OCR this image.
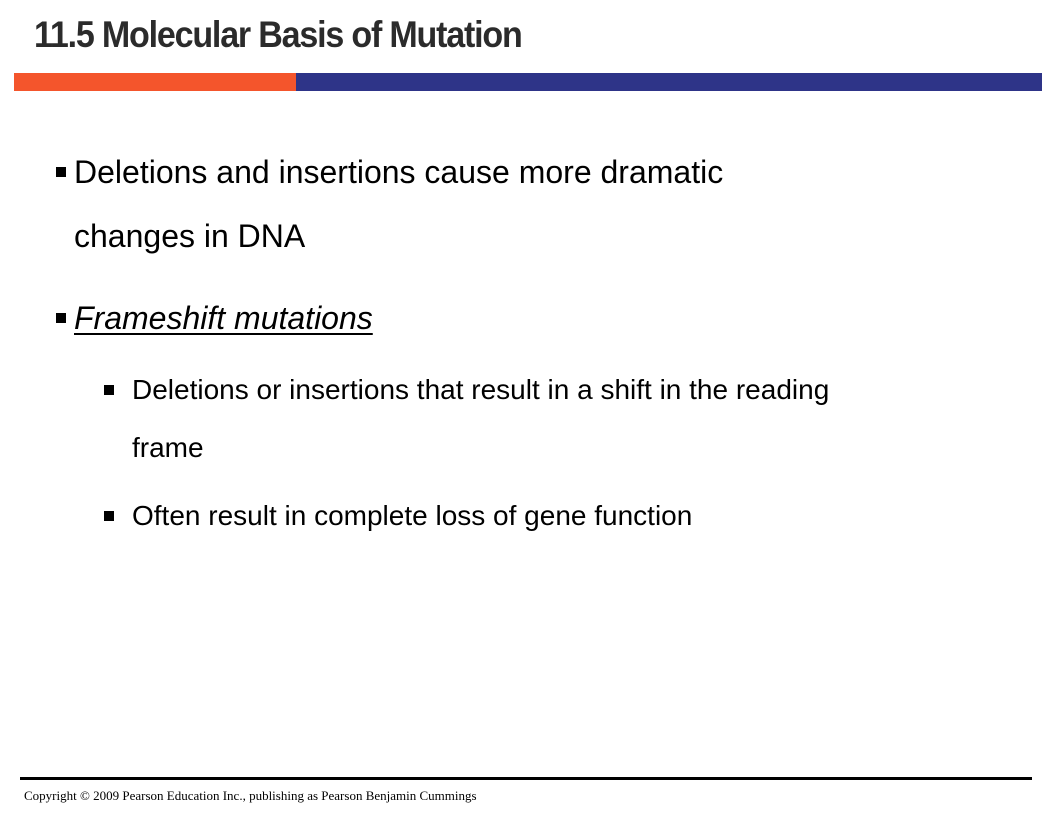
11.5 Molecular Basis of Mutation
Deletions and insertions cause more dramatic
changes in DNA
Frameshift mutations
Deletions or insertions that result in a shift in the reading
frame
Often result in complete loss of gene function
Copyright © 2009 Pearson Education Inc., publishing as Pearson Benjamin Cummings
